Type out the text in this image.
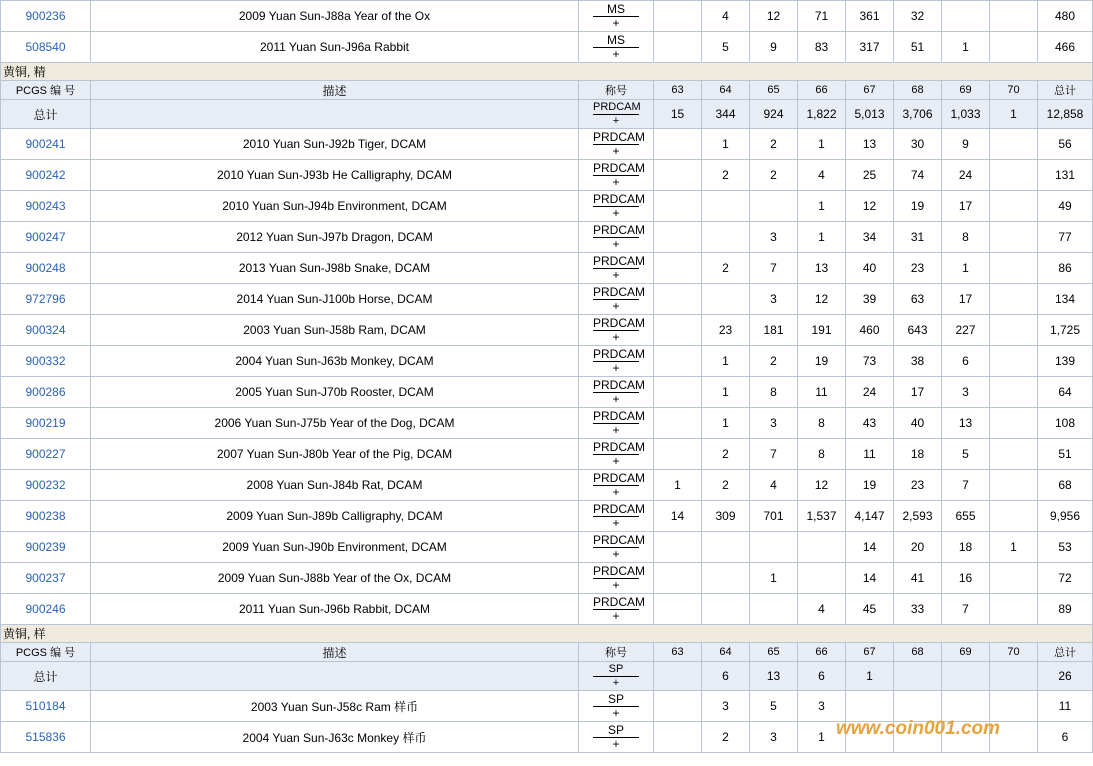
900236	2009 Yuan Sun-J88a Year of the Ox	MS
+		4	12	71	361	32			480
508540	2011 Yuan Sun-J96a Rabbit	MS
+		5	9	83	317	51	1		466
黄铜, 精											
PCGS 编 号	描述	称号	63	64	65	66	67	68	69	70	总计
总计		PRDCAM
+	15	344	924	1,822	5,013	3,706	1,033	1	12,858
900241	2010 Yuan Sun-J92b Tiger, DCAM	PRDCAM
+		1	2	1	13	30	9		56
900242	2010 Yuan Sun-J93b He Calligraphy, DCAM	PRDCAM
+		2	2	4	25	74	24		131
900243	2010 Yuan Sun-J94b Environment, DCAM	PRDCAM
+				1	12	19	17		49
900247	2012 Yuan Sun-J97b Dragon, DCAM	PRDCAM
+			3	1	34	31	8		77
900248	2013 Yuan Sun-J98b Snake, DCAM	PRDCAM
+		2	7	13	40	23	1		86
972796	2014 Yuan Sun-J100b Horse, DCAM	PRDCAM
+			3	12	39	63	17		134
900324	2003 Yuan Sun-J58b Ram, DCAM	PRDCAM
+		23	181	191	460	643	227		1,725
900332	2004 Yuan Sun-J63b Monkey, DCAM	PRDCAM
+		1	2	19	73	38	6		139
900286	2005 Yuan Sun-J70b Rooster, DCAM	PRDCAM
+		1	8	11	24	17	3		64
900219	2006 Yuan Sun-J75b Year of the Dog, DCAM	PRDCAM
+		1	3	8	43	40	13		108
900227	2007 Yuan Sun-J80b Year of the Pig, DCAM	PRDCAM
+		2	7	8	11	18	5		51
900232	2008 Yuan Sun-J84b Rat, DCAM	PRDCAM
+	1	2	4	12	19	23	7		68
900238	2009 Yuan Sun-J89b Calligraphy, DCAM	PRDCAM
+	14	309	701	1,537	4,147	2,593	655		9,956
900239	2009 Yuan Sun-J90b Environment, DCAM	PRDCAM
+					14	20	18	1	53
900237	2009 Yuan Sun-J88b Year of the Ox, DCAM	PRDCAM
+			1		14	41	16		72
900246	2011 Yuan Sun-J96b Rabbit, DCAM	PRDCAM
+				4	45	33	7		89
黄铜, 样											
PCGS 编 号	描述	称号	63	64	65	66	67	68	69	70	总计
总计		SP
+		6	13	6	1				26
510184	2003 Yuan Sun-J58c Ram 样币	SP
+		3	5	3					11
515836	2004 Yuan Sun-J63c Monkey 样币	SP
+		2	3	1					6
www.coin001.com
